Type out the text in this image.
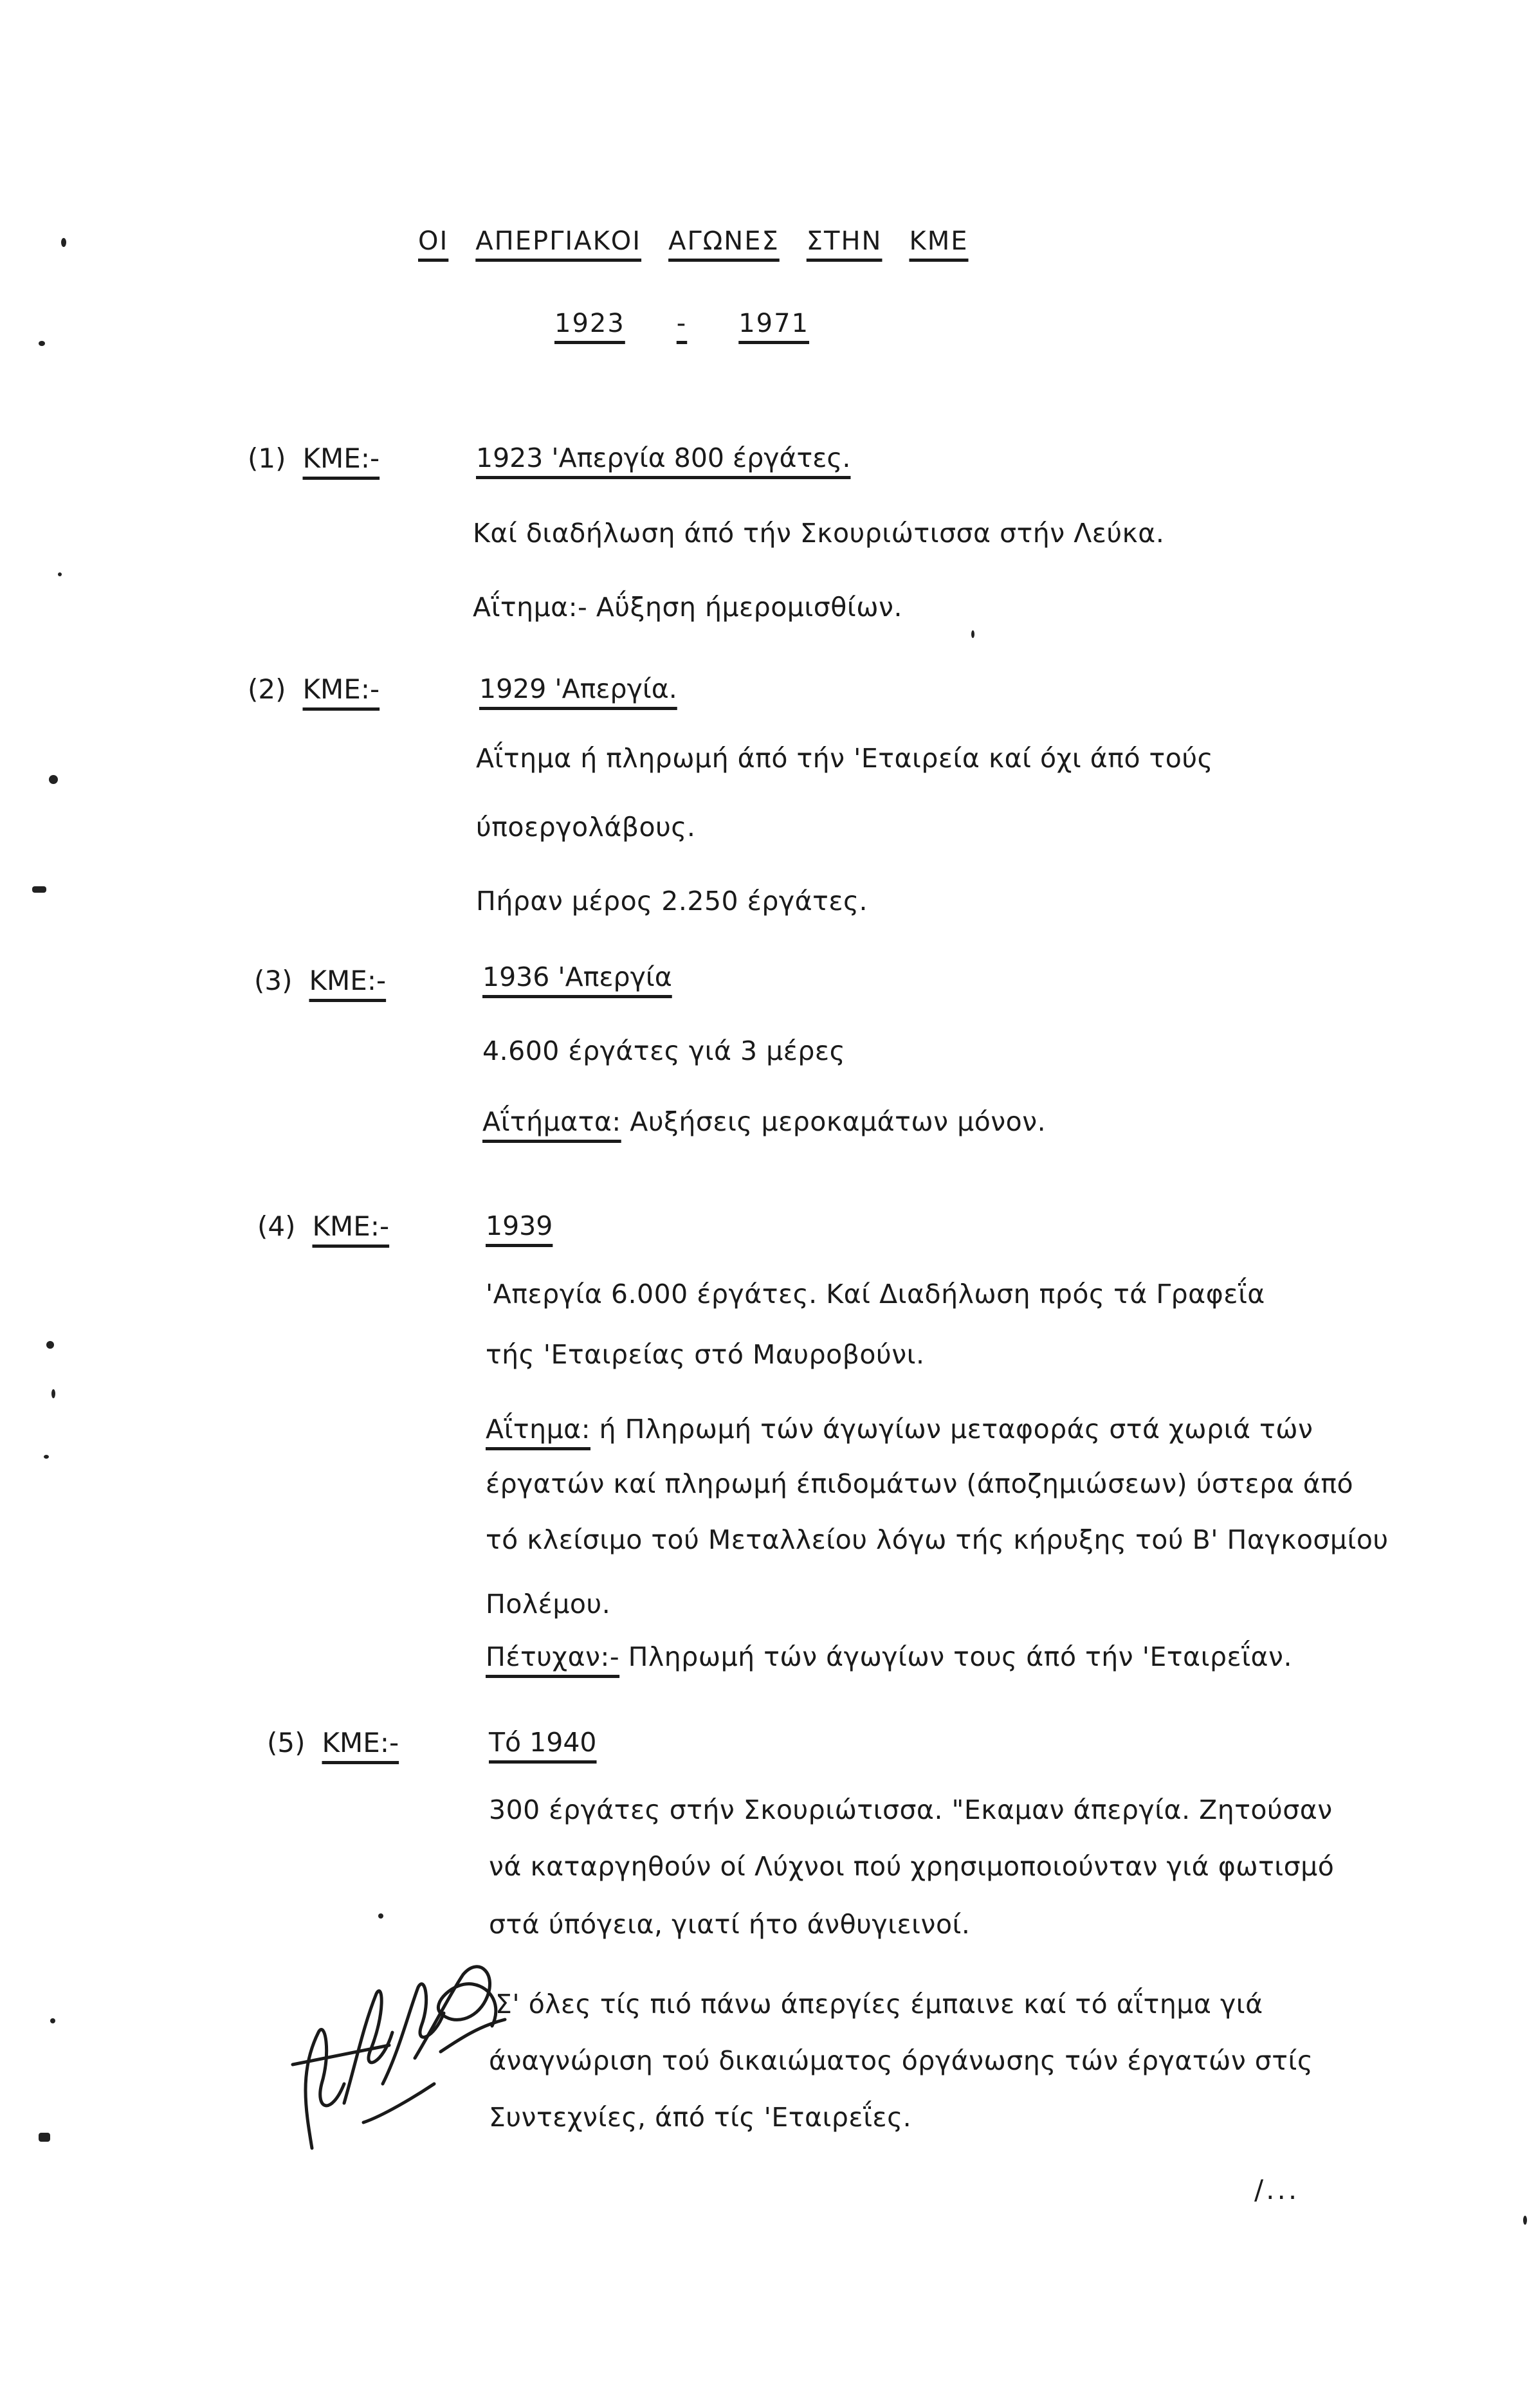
ΟΙ ΑΠΕΡΓΙΑΚΟΙ ΑΓΩΝΕΣ ΣΤΗΝ ΚΜΕ
1923 - 1971
(1) ΚΜΕ:-	1923 'Απεργία 800 έργάτες.
Καί διαδήλωση άπό τήν Σκουριώτισσα στήν Λεύκα.
Αΐτημα:- Αΰξηση ήμερομισθίων.
(2) ΚΜΕ:-	1929 'Απεργία.
Αΐτημα ή πληρωμή άπό τήν 'Εταιρεία καί όχι άπό τούς
ύποεργολάβους.
Πήραν μέρος 2.250 έργάτες.
(3) ΚΜΕ:-	1936 'Απεργία
4.600 έργάτες γιά 3 μέρες
Αΐτήματα: Αυξήσεις μεροκαμάτων μόνον.
(4) ΚΜΕ:-	1939
'Απεργία 6.000 έργάτες. Καί Διαδήλωση πρός τά Γραφεΐα
τής 'Εταιρείας στό Μαυροβούνι.
Αΐτημα: ή Πληρωμή τών άγωγίων μεταφοράς στά χωριά τών
έργατών καί πληρωμή έπιδομάτων (άποζημιώσεων) ύστερα άπό
τό κλείσιμο τού Μεταλλείου λόγω τής κήρυξης τού Β' Παγκοσμίου
Πολέμου.
Πέτυχαν:- Πληρωμή τών άγωγίων τους άπό τήν 'Εταιρεΐαν.
(5) ΚΜΕ:-	Τό 1940
300 έργάτες στήν Σκουριώτισσα. "Εκαμαν άπεργία. Ζητούσαν
νά καταργηθούν οί Λύχνοι πού χρησιμοποιούνταν γιά φωτισμό
στά ύπόγεια, γιατί ήτο άνθυγιεινοί.
Σ' όλες τίς πιό πάνω άπεργίες έμπαινε καί τό αΐτημα γιά
άναγνώριση τού δικαιώματος όργάνωσης τών έργατών στίς
Συντεχνίες, άπό τίς 'Εταιρεΐες.
/...
